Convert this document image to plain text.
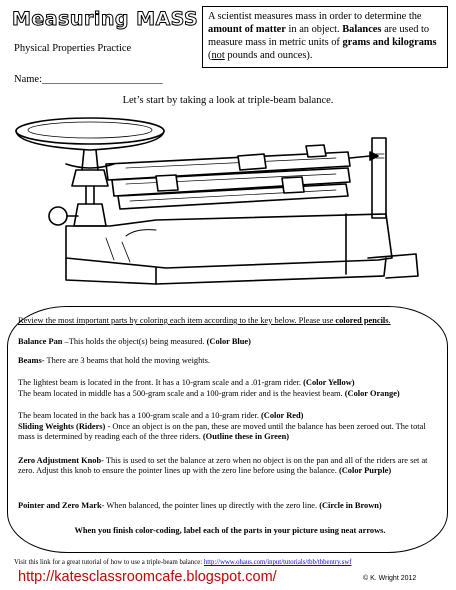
Measuring MASS
Physical Properties Practice
Name:_______________________
A scientist measures mass in order to determine the amount of matter in an object. Balances are used to measure mass in metric units of grams and kilograms (not pounds and ounces).
Let’s start by taking a look at triple-beam balance.
Review the most important parts by coloring each item according to the key below. Please use colored pencils.
Balance Pan –This holds the object(s) being measured. (Color Blue)
Beams- There are 3 beams that hold the moving weights.
The lightest beam is located in the front. It has a 10-gram scale and a .01-gram rider. (Color Yellow)
The beam located in middle has a 500-gram scale and a 100-gram rider and is the heaviest beam. (Color Orange)
The beam located in the back has a 100-gram scale and a 10-gram rider. (Color Red)
Sliding Weights (Riders) - Once an object is on the pan, these are moved until the balance has been zeroed out. The total mass is determined by reading each of the three riders. (Outline these in Green)
Zero Adjustment Knob- This is used to set the balance at zero when no object is on the pan and all of the riders are set at zero. Adjust this knob to ensure the pointer lines up with the zero line before using the balance. (Color Purple)
Pointer and Zero Mark- When balanced, the pointer lines up directly with the zero line. (Circle in Brown)
When you finish color-coding, label each of the parts in your picture using neat arrows.
Visit this link for a great tutorial of how to use a triple-beam balance: http://www.ohaus.com/input/tutorials/tbb/tbbentry.swf
http://katesclassroomcafe.blogspot.com/	© K. Wright 2012
